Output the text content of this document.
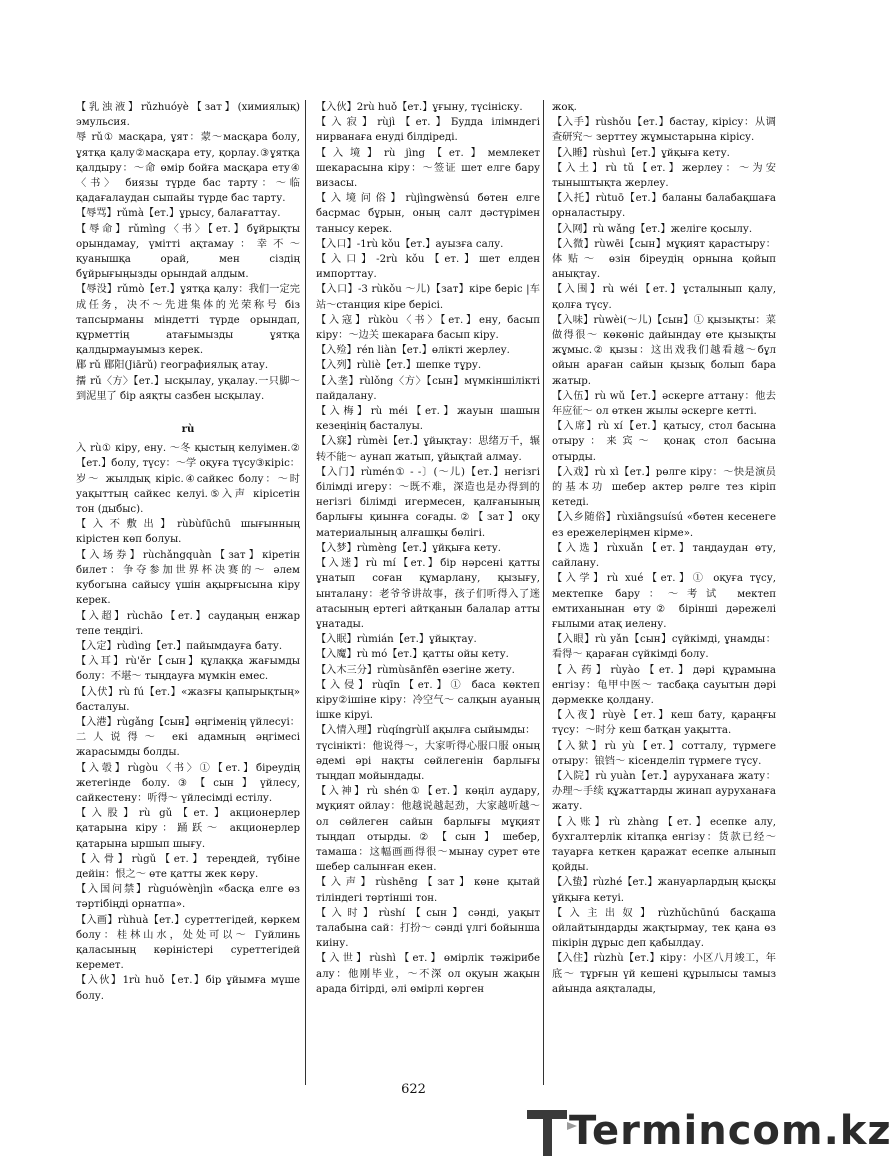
【乳浊液】rǔzhuóyè【зат】(химиялық) эмульсия.

辱 rǔ① масқара, ұят：蒙～масқара болу, ұятқа қалу②масқара ету, қорлау.③ұятқа қалдыру：～命 өмір бойға масқара ету④〈书〉 биязы түрде бас тарту：～临 қадағалаудан сыпайы түрде бас тарту.

【辱骂】rǔmà【ет.】ұрысу, балағаттау.

【辱命】rǔmìng〈书〉【ет.】бұйрықты орындамау, үмітті ақтамау：幸不～ қуанышқа орай, мен сіздің бұйрығыңызды орындай алдым.

【辱没】rǔmò【ет.】ұятқа қалу：我们一定完成任务，决不～先进集体的光荣称号 біз тапсырманы міндетті түрде орындап, құрметтің атағымызды ұятқа қалдырмауымыз керек.

郿 rǔ 郿阳(Jiārǔ) географиялық атау.

擩 rǔ〈方〉【ет.】ысқылау, уқалау.一只脚～到泥里了 бір аяқты сазбен ысқылау.

rù

入 rù① кіру, ену. ～冬 қыстың келуімен.②【ет.】болу, түсу：～学 оқуға түсу③кіріс：岁～ жылдық кіріс.④сайкес болу：～时 уақыттың сайкес келуі.⑤入声 кірісетін тон (дыбыс).

【入不敷出】rùbùfūchū шығынның кірістен көп болуы.

【入场券】rùchǎngquàn【зат】кіретін билет：争夺参加世界杯决赛的～ әлем кубогына сайысу үшін ақырғысына кіру керек.

【入超】rùchāo【ет.】саудаңың енжар тепе теңдігі.

【入定】rùdìng【ет.】пайымдауға бату.

【入耳】rù'ěr【сын】құлаққа жағымды болу：不堪～ тыңдауға мүмкін емес.

【入伏】rù fú【ет.】«жазғы қапырықтың» басталуы.

【入港】rùgǎng【сын】әңгіменің үйлесуі：二人说得～ екі адамның әңгімесі жарасымды болды.

【入彀】rùgòu〈书〉①【ет.】біреудің жетегінде болу.③【сын】үйлесу, сайкестену：听得～ үйлесімді естілу.

【入股】rù gǔ【ет.】акционерлер қатарына кіру：踊跃～ акционерлер қатарына ыршып шығу.

【入骨】rùgǔ【ет.】тереңдей, түбіне дейін：恨之～ өте қатты жек көру.

【入国问禁】rùguówènjìn «басқа елге өз тәртібіңді орнатпа».

【入画】rùhuà【ет.】суреттегідей, көркем болу：桂林山水，处处可以～ Гуйлинь қаласының көріністері суреттегідей керемет.

【入伙】1rù huǒ【ет.】бір ұйымға мүше болу.

【入伙】2rù huǒ【ет.】ұғыну, түсініску.

【入寂】rùjì【ет.】Будда ілімндегі нирванаға енуді білдіреді.

【入境】rù jìng【ет.】мемлекет шекарасына кіру：～签证 шет елге бару визасы.

【入境问俗】rùjìngwènsú бөтен елге басрмас бұрын, оның салт дәстүрімен танысу керек.

【入口】-1rù kǒu【ет.】ауызға салу.

【入口】-2rù kǒu【ет.】шет елден импорттау.

【入口】-3 rùkǒu ～儿)【зат】кіре беріс |车站～станция кіре берісі.

【入寇】rùkòu〈书〉【ет.】ену, басып кіру：～边关 шекараға басып кіру.

【入殓】rén liàn【ет.】өлікті жерлеу.

【入列】rùliè【ет.】шепке тұру.

【入垄】rùlǒng〈方〉【сын】мүмкіншілікті пайдалану.

【入梅】rù méi【ет.】жауын шашын кезеңінің басталуы.

【入寐】rùmèi【ет.】ұйықтау：思绪万千，辗转不能～ аунап жатып, ұйықтай алмау.

【入门】rùmén① - -〕(～儿)【ет.】негізгі білімді игеру：～既不难，深造也是办得到的 негізгі білімді игермесен, қалғанының барлығы қиынға соғады.②【зат】оқу материалының алғашқы бөлігі.

【入梦】rùmèng【ет.】ұйқыға кету.

【入迷】rù mí【ет.】бір нәрсені қатты ұнатып соған құмарлану, қызығу, ынталану：老爷爷讲故事，孩子们听得入了迷 атасының ертегі айтқанын балалар атты ұнатады.

【入眠】rùmián【ет.】ұйықтау.

【入魔】rù mó【ет.】қатты ойы кету.

【入木三分】rùmùsānfēn өзегіне жету.

【入侵】rùqīn【ет.】① баса көктеп кіру②ішіне кіру：冷空气～ салқын ауаның ішке кіруі.

【入情入理】rùqíngrùlǐ ақылға сыйымды：

түсінікті：他说得～，大家听得心服口服 оның әдемі әрі нақты сөйлегенін барлығы тыңдап мойындады.

【入神】rù shén①【ет.】көңіл аудару, мұқият ойлау：他越说越起劲，大家越听越～ ол сөйлеген сайын барлығы мұқият тыңдап отырды.②【сын】шебер, тамаша：这幅画画得很～мынау сурет өте шебер салынған екен.

【入声】rùshēng【зат】көне қытай тіліндегі төртінші тон.

【入时】rùshí【сын】сәнді, уақыт талабына сай：打扮～ сәнді үлгі бойынша киіну.

【入世】rùshì【ет.】өмірлік тәжірибе алу：他刚毕业，～不深 ол оқуын жақын арада бітірді, әлі өмірлі көрген

жоқ.

【入手】rùshǒu【ет.】бастау, кірісу：从调查研究～ зерттеу жұмыстарына кірісу.

【入睡】rùshuì【ет.】ұйқыға кету.

【入土】rù tǔ【ет.】жерлеу：～为安 тыныштықта жерлеу.

【入托】rùtuō【ет.】баланы балабақшаға орналастыру.

【入网】rù wǎng【ет.】желіге қосылу.

【入微】rùwēi【сын】мұқият қарастыру：体贴～ өзін біреудің орнына қойып анықтау.

【入围】rù wéi【ет.】ұсталынып қалу, қолға түсу.

【入味】rùwèi(～儿)【сын】① қызықты：菜做得很～ көкөніс дайындау өте қызықты жұмыс.② қызы：这出戏我们越看越～бұл ойын араған сайын қызық болып бара жатыр.

【入伍】rù wǔ【ет.】әскерге аттану：他去年应征～ ол өткен жылы әскерге кетті.

【入席】rù xí【ет.】қатысу, стол басына отыру：来宾～ қонақ стол басына отырды.

【入戏】rù xì【ет.】рөлге кіру：～快是演员的基本功 шебер актер рөлге тез кіріп кетеді.

【入乡随俗】rùxiāngsuísú «бөтен кесенеге ез ережелеріңмен кірме».

【入选】rùxuǎn【ет.】таңдаудан өту, сайлану.

【入学】rù xué【ет.】① оқуға түсу, мектепке бару：～考试 мектеп емтиханынан өту② бірінші дәрежелі ғылыми атақ иелену.

【入眼】rù yǎn【сын】сүйкімді, ұнамды：看得～ қараған сүйкімді болу.

【入药】rùyào【ет.】дәрі құрамына енгізу：龟甲中医～ тасбақа сауытын дәрі дәрмекке қолдану.

【入夜】rùyè【ет.】кеш бату, қараңғы түсу：～时分 кеш батқан уақытта.

【入狱】rù yù【ет.】сотталу, түрмеге отыру：锒铛～ кісенделіп түрмеге түсу.

【入院】rù yuàn【ет.】ауруханаға жату：办理～手续 құжаттарды жинап ауруханаға жату.

【入账】rù zhàng【ет.】есепке алу, бухгалтерлік кітапқа енгізу：货款已经～ тауарға кеткен қаражат есепке алынып қойды.

【入蛰】rùzhé【ет.】жануарлардың қысқы ұйқыға кетуі.

【入主出奴】rùzhǔchūnú басқаша ойлайтындарды жақтырмау, тек қана өз пікірін дұрыс деп қабылдау.

【入住】rùzhù【ет.】кіру：小区八月竣工，年底～ тұрғын үй кешені құрылысы тамыз айында аяқталады,

622
Termincom.kz
